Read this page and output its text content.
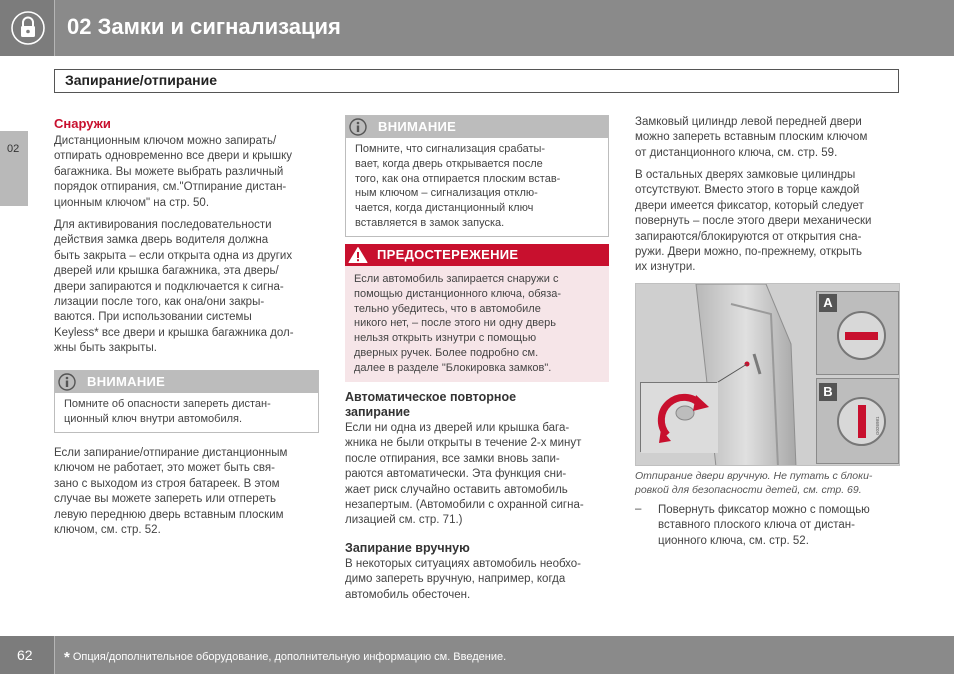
02 Замки и сигнализация
Запирание/отпирание
02
Снаружи
Дистанционным ключом можно запирать/
отпирать одновременно все двери и крышку
багажника. Вы можете выбрать различный
порядок отпирания, см."Отпирание дистан-
ционным ключом" на стр. 50.
Для активирования последовательности
действия замка дверь водителя должна
быть закрыта – если открыта одна из других
дверей или крышка багажника, эта дверь/
двери запираются и подключается к сигна-
лизации после того, как она/они закры-
ваются. При использовании системы
Keyless* все двери и крышка багажника дол-
жны быть закрыты.
ВНИМАНИЕ
Помните об опасности запереть дистан-
ционный ключ внутри автомобиля.
Если запирание/отпирание дистанционным
ключом не работает, это может быть свя-
зано с выходом из строя батареек. В этом
случае вы можете запереть или отпереть
левую переднюю дверь вставным плоским
ключом, см. стр. 52.
ВНИМАНИЕ
Помните, что сигнализация срабаты-
вает, когда дверь открывается после
того, как она отпирается плоским встав-
ным ключом – сигнализация отклю-
чается, когда дистанционный ключ
вставляется в замок запуска.
ПРЕДОСТЕРЕЖЕНИЕ
Если автомобиль запирается снаружи с
помощью дистанционного ключа, обяза-
тельно убедитесь, что в автомобиле
никого нет, – после этого ни одну дверь
нельзя открыть изнутри с помощью
дверных ручек. Более подробно см.
далее в разделе "Блокировка замков".
Автоматическое повторное
запирание
Если ни одна из дверей или крышка бага-
жника не были открыты в течение 2-х минут
после отпирания, все замки вновь запи-
раются автоматически. Эта функция сни-
жает риск случайно оставить автомобиль
незапертым. (Автомобили с охранной сигна-
лизацией см. стр. 71.)
Запирание вручную
В некоторых ситуациях автомобиль необхо-
димо запереть вручную, например, когда
автомобиль обесточен.
Замковый цилиндр левой передней двери
можно запереть вставным плоским ключом
от дистанционного ключа, см. стр. 59.
В остальных дверях замковые цилиндры
отсутствуют. Вместо этого в торце каждой
двери имеется фиксатор, который следует
повернуть – после этого двери механически
запираются/блокируются от открытия сна-
ружи. Двери можно, по-прежнему, открыть
их изнутри.
A
B
G026981
Отпирание двери вручную. Не путать с блоки-
ровкой для безопасности детей, см. стр. 69.
– Повернуть фиксатор можно с помощью
вставного плоского ключа от дистан-
ционного ключа, см. стр. 52.
62 * Опция/дополнительное оборудование, дополнительную информацию см. Введение.
